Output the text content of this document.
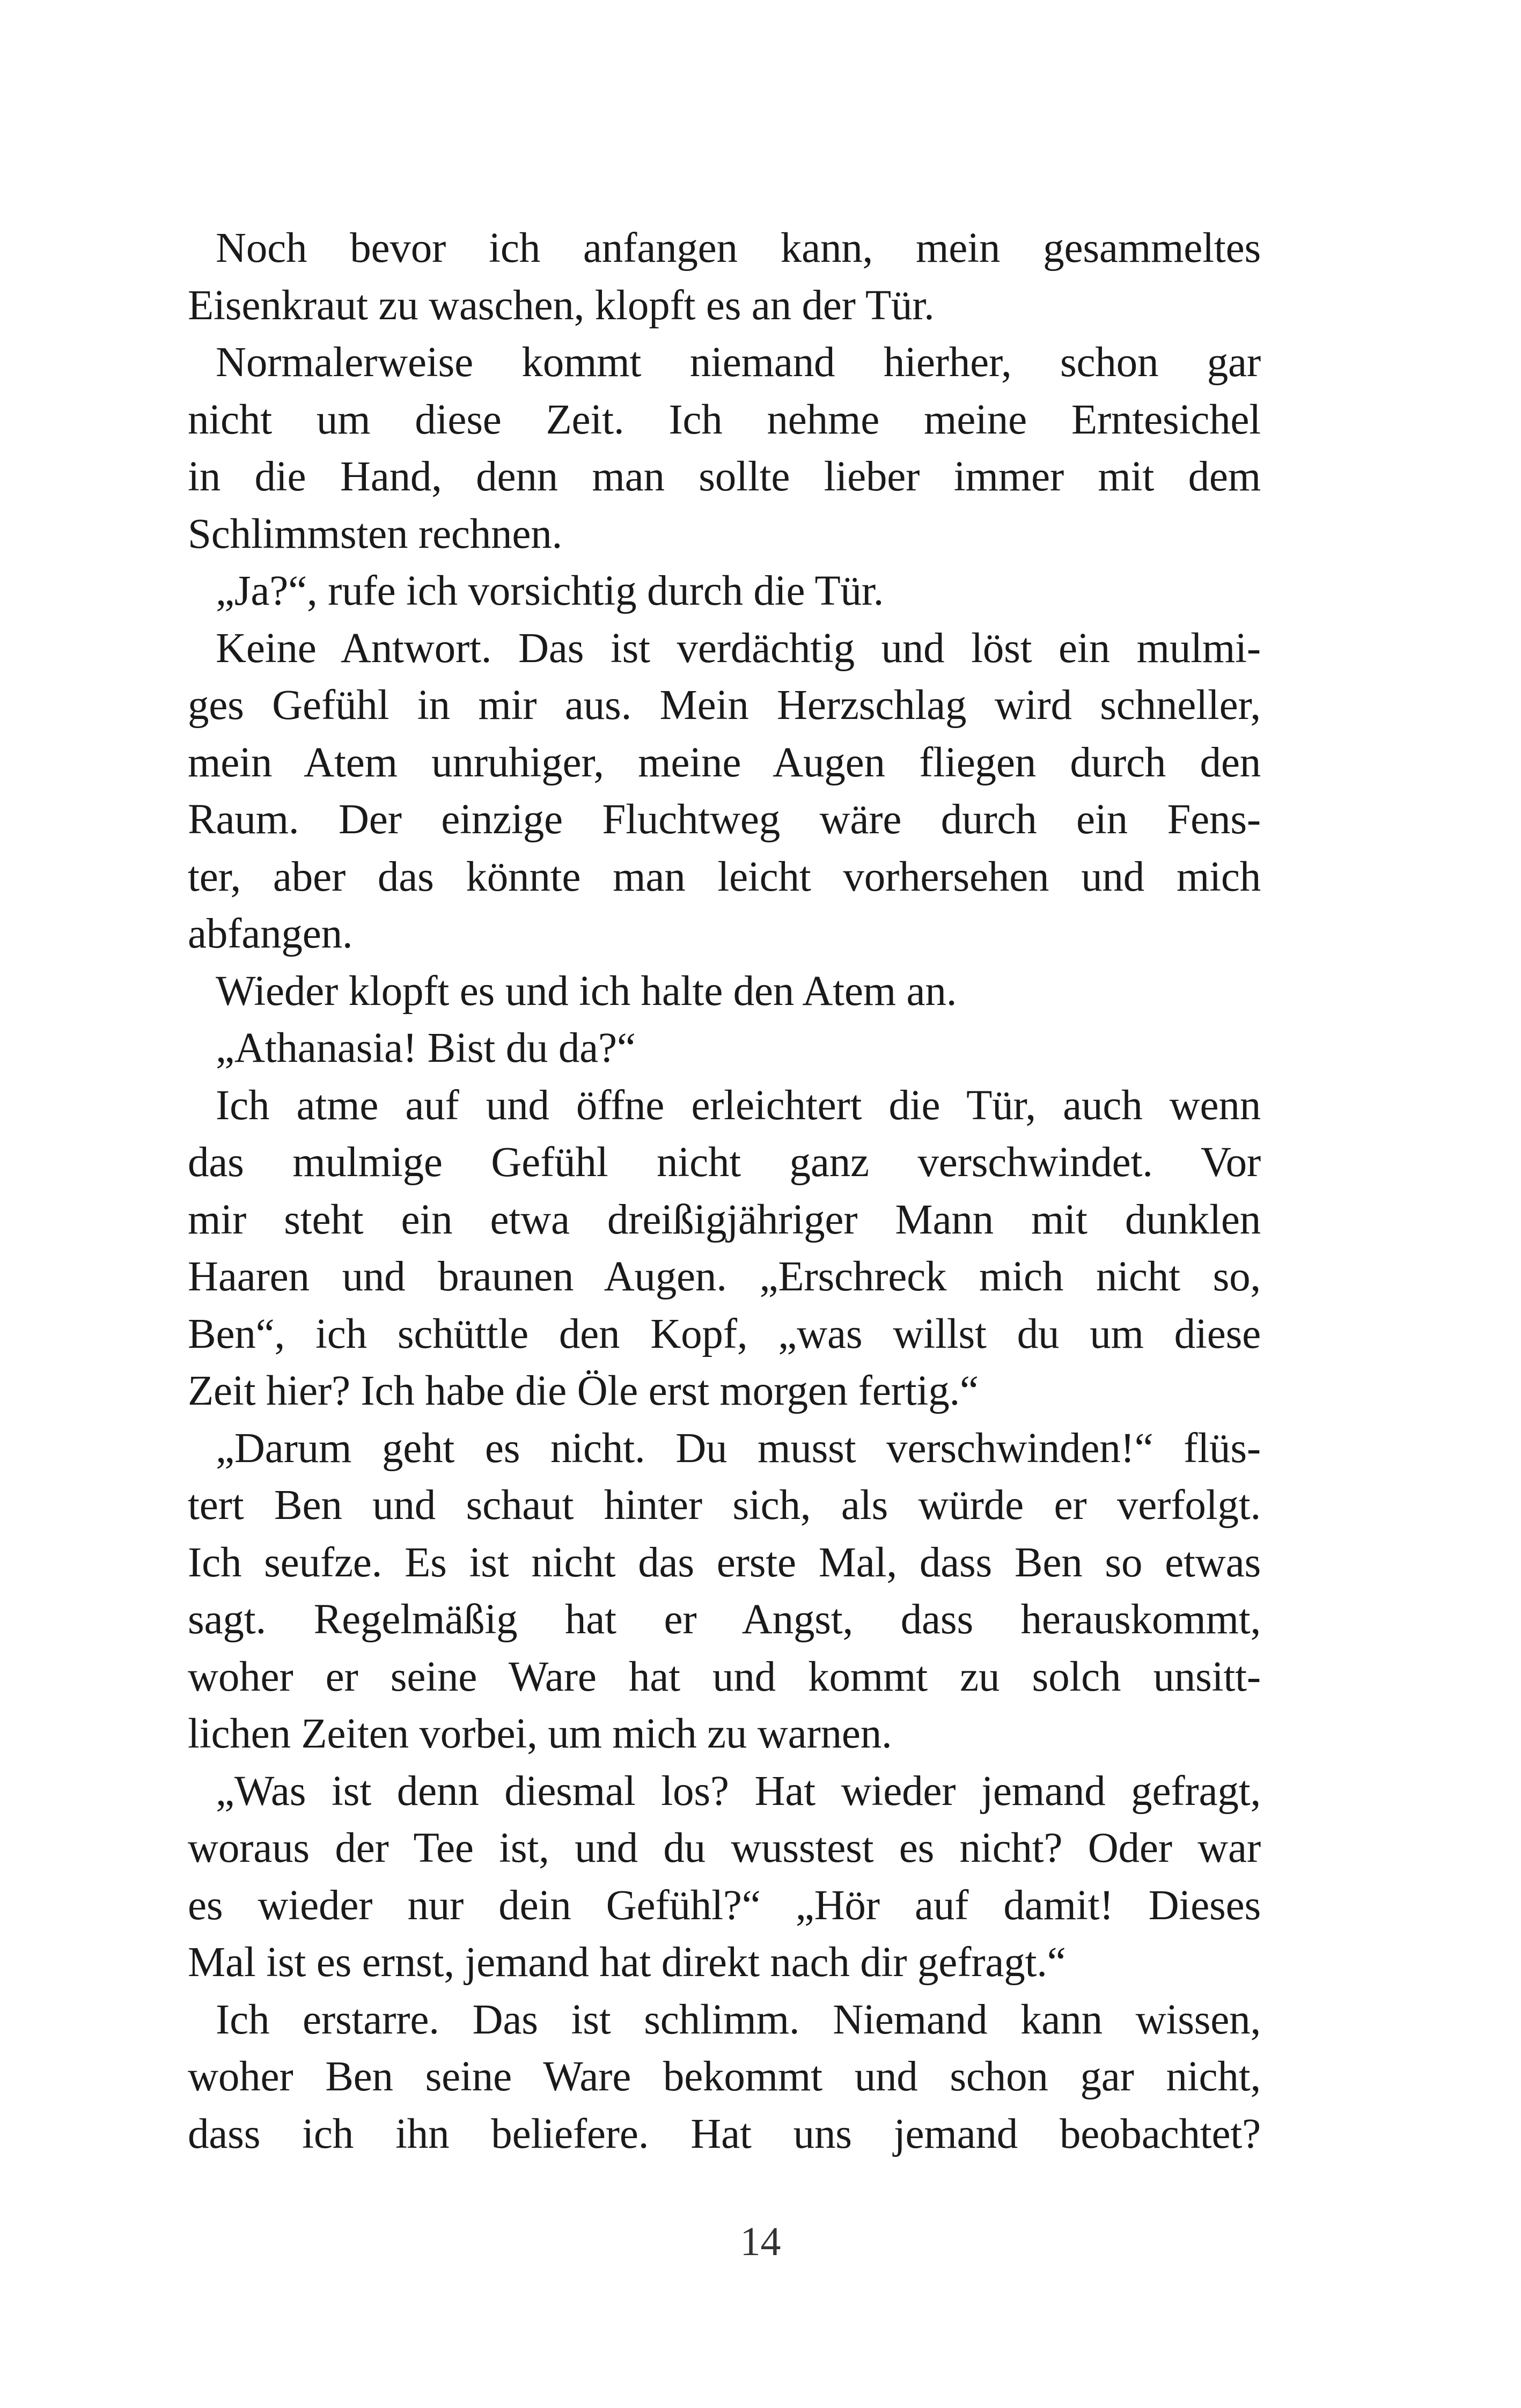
Noch bevor ich anfangen kann, mein gesammeltes
Eisenkraut zu waschen, klopft es an der Tür.
Normalerweise kommt niemand hierher, schon gar
nicht um diese Zeit. Ich nehme meine Erntesichel
in die Hand, denn man sollte lieber immer mit dem
Schlimmsten rechnen.
„Ja?“, rufe ich vorsichtig durch die Tür.
Keine Antwort. Das ist verdächtig und löst ein mulmi-
ges Gefühl in mir aus. Mein Herzschlag wird schneller,
mein Atem unruhiger, meine Augen fliegen durch den
Raum. Der einzige Fluchtweg wäre durch ein Fens-
ter, aber das könnte man leicht vorhersehen und mich
abfangen.
Wieder klopft es und ich halte den Atem an.
„Athanasia! Bist du da?“
Ich atme auf und öffne erleichtert die Tür, auch wenn
das mulmige Gefühl nicht ganz verschwindet. Vor
mir steht ein etwa dreißigjähriger Mann mit dunklen
Haaren und braunen Augen. „Erschreck mich nicht so,
Ben“, ich schüttle den Kopf, „was willst du um diese
Zeit hier? Ich habe die Öle erst morgen fertig.“
„Darum geht es nicht. Du musst verschwinden!“ flüs-
tert Ben und schaut hinter sich, als würde er verfolgt.
Ich seufze. Es ist nicht das erste Mal, dass Ben so etwas
sagt. Regelmäßig hat er Angst, dass herauskommt,
woher er seine Ware hat und kommt zu solch unsitt-
lichen Zeiten vorbei, um mich zu warnen.
„Was ist denn diesmal los? Hat wieder jemand gefragt,
woraus der Tee ist, und du wusstest es nicht? Oder war
es wieder nur dein Gefühl?“ „Hör auf damit! Dieses
Mal ist es ernst, jemand hat direkt nach dir gefragt.“
Ich erstarre. Das ist schlimm. Niemand kann wissen,
woher Ben seine Ware bekommt und schon gar nicht,
dass ich ihn beliefere. Hat uns jemand beobachtet?
14
